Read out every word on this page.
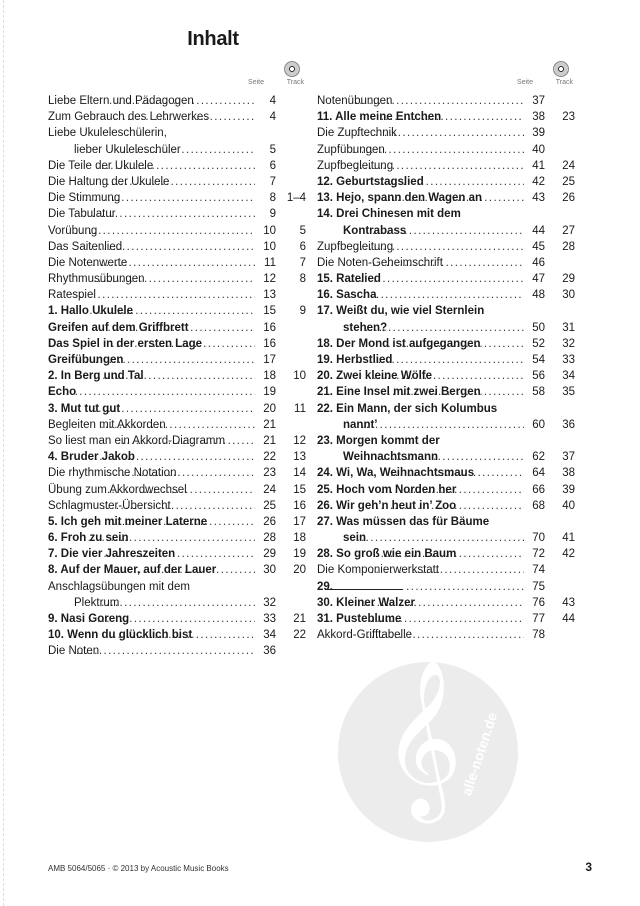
𝄞
alle-noten.de
Inhalt
Seite	Track
Liebe Eltern und Pädagogen .....	4
Zum Gebrauch des Lehrwerkes .....	4
Liebe Ukuleleschülerin,
lieber Ukuleleschüler .....	5
Die Teile der Ukulele .....	6
Die Haltung der Ukulele .....	7
Die Stimmung .....	8 1–4
Die Tabulatur .....	9
Vorübung .....	10	5
Das Saitenlied .....	10	6
Die Notenwerte .....	11	7
Rhythmusübungen .....	12	8
Ratespiel .....	13
1. Hallo Ukulele .....	15	9
Greifen auf dem Griffbrett .....	16
Das Spiel in der ersten Lage .....	16
Greifübungen .....	17
2. In Berg und Tal .....	18	10
Echo .....	19
3. Mut tut gut .....	20	11
Begleiten mit Akkorden .....	21
So liest man ein Akkord-Diagramm .....	21	12
4. Bruder Jakob .....	22	13
Die rhythmische Notation .....	23	14
Übung zum Akkordwechsel .....	24	15
Schlagmuster-Übersicht .....	25	16
5. Ich geh mit meiner Laterne .....	26	17
6. Froh zu sein .....	28	18
7. Die vier Jahreszeiten .....	29	19
8. Auf der Mauer, auf der Lauer .....	30	20
Anschlagsübungen mit dem
Plektrum .....	32
9. Nasi Goreng .....	33	21
10. Wenn du glücklich bist .....	34	22
Die Noten .....	36
Seite	Track
Notenübungen .....	37
11. Alle meine Entchen .....	38	23
Die Zupftechnik .....	39
Zupfübungen .....	40
Zupfbegleitung .....	41	24
12. Geburtstagslied .....	42	25
13. Hejo, spann den Wagen an .....	43	26
14. Drei Chinesen mit dem
Kontrabass .....	44	27
Zupfbegleitung .....	45	28
Die Noten-Geheimschrift .....	46
15. Ratelied .....	47	29
16. Sascha .....	48	30
17. Weißt du, wie viel Sternlein
stehen? .....	50	31
18. Der Mond ist aufgegangen .....	52	32
19. Herbstlied .....	54	33
20. Zwei kleine Wölfe .....	56	34
21. Eine Insel mit zwei Bergen .....	58	35
22. Ein Mann, der sich Kolumbus
nannt’ .....	60	36
23. Morgen kommt der
Weihnachtsmann .....	62	37
24. Wi, Wa, Weihnachtsmaus .....	64	38
25. Hoch vom Norden her .....	66	39
26. Wir geh’n heut in’ Zoo .....	68	40
27. Was müssen das für Bäume
sein .....	70	41
28. So groß wie ein Baum .....	72	42
Die Komponierwerkstatt .....	74
29. .....	75
30. Kleiner Walzer .....	76	43
31. Pusteblume .....	77	44
Akkord-Grifftabelle .....	78
AMB 5064/5065 · © 2013 by Acoustic Music Books	3
